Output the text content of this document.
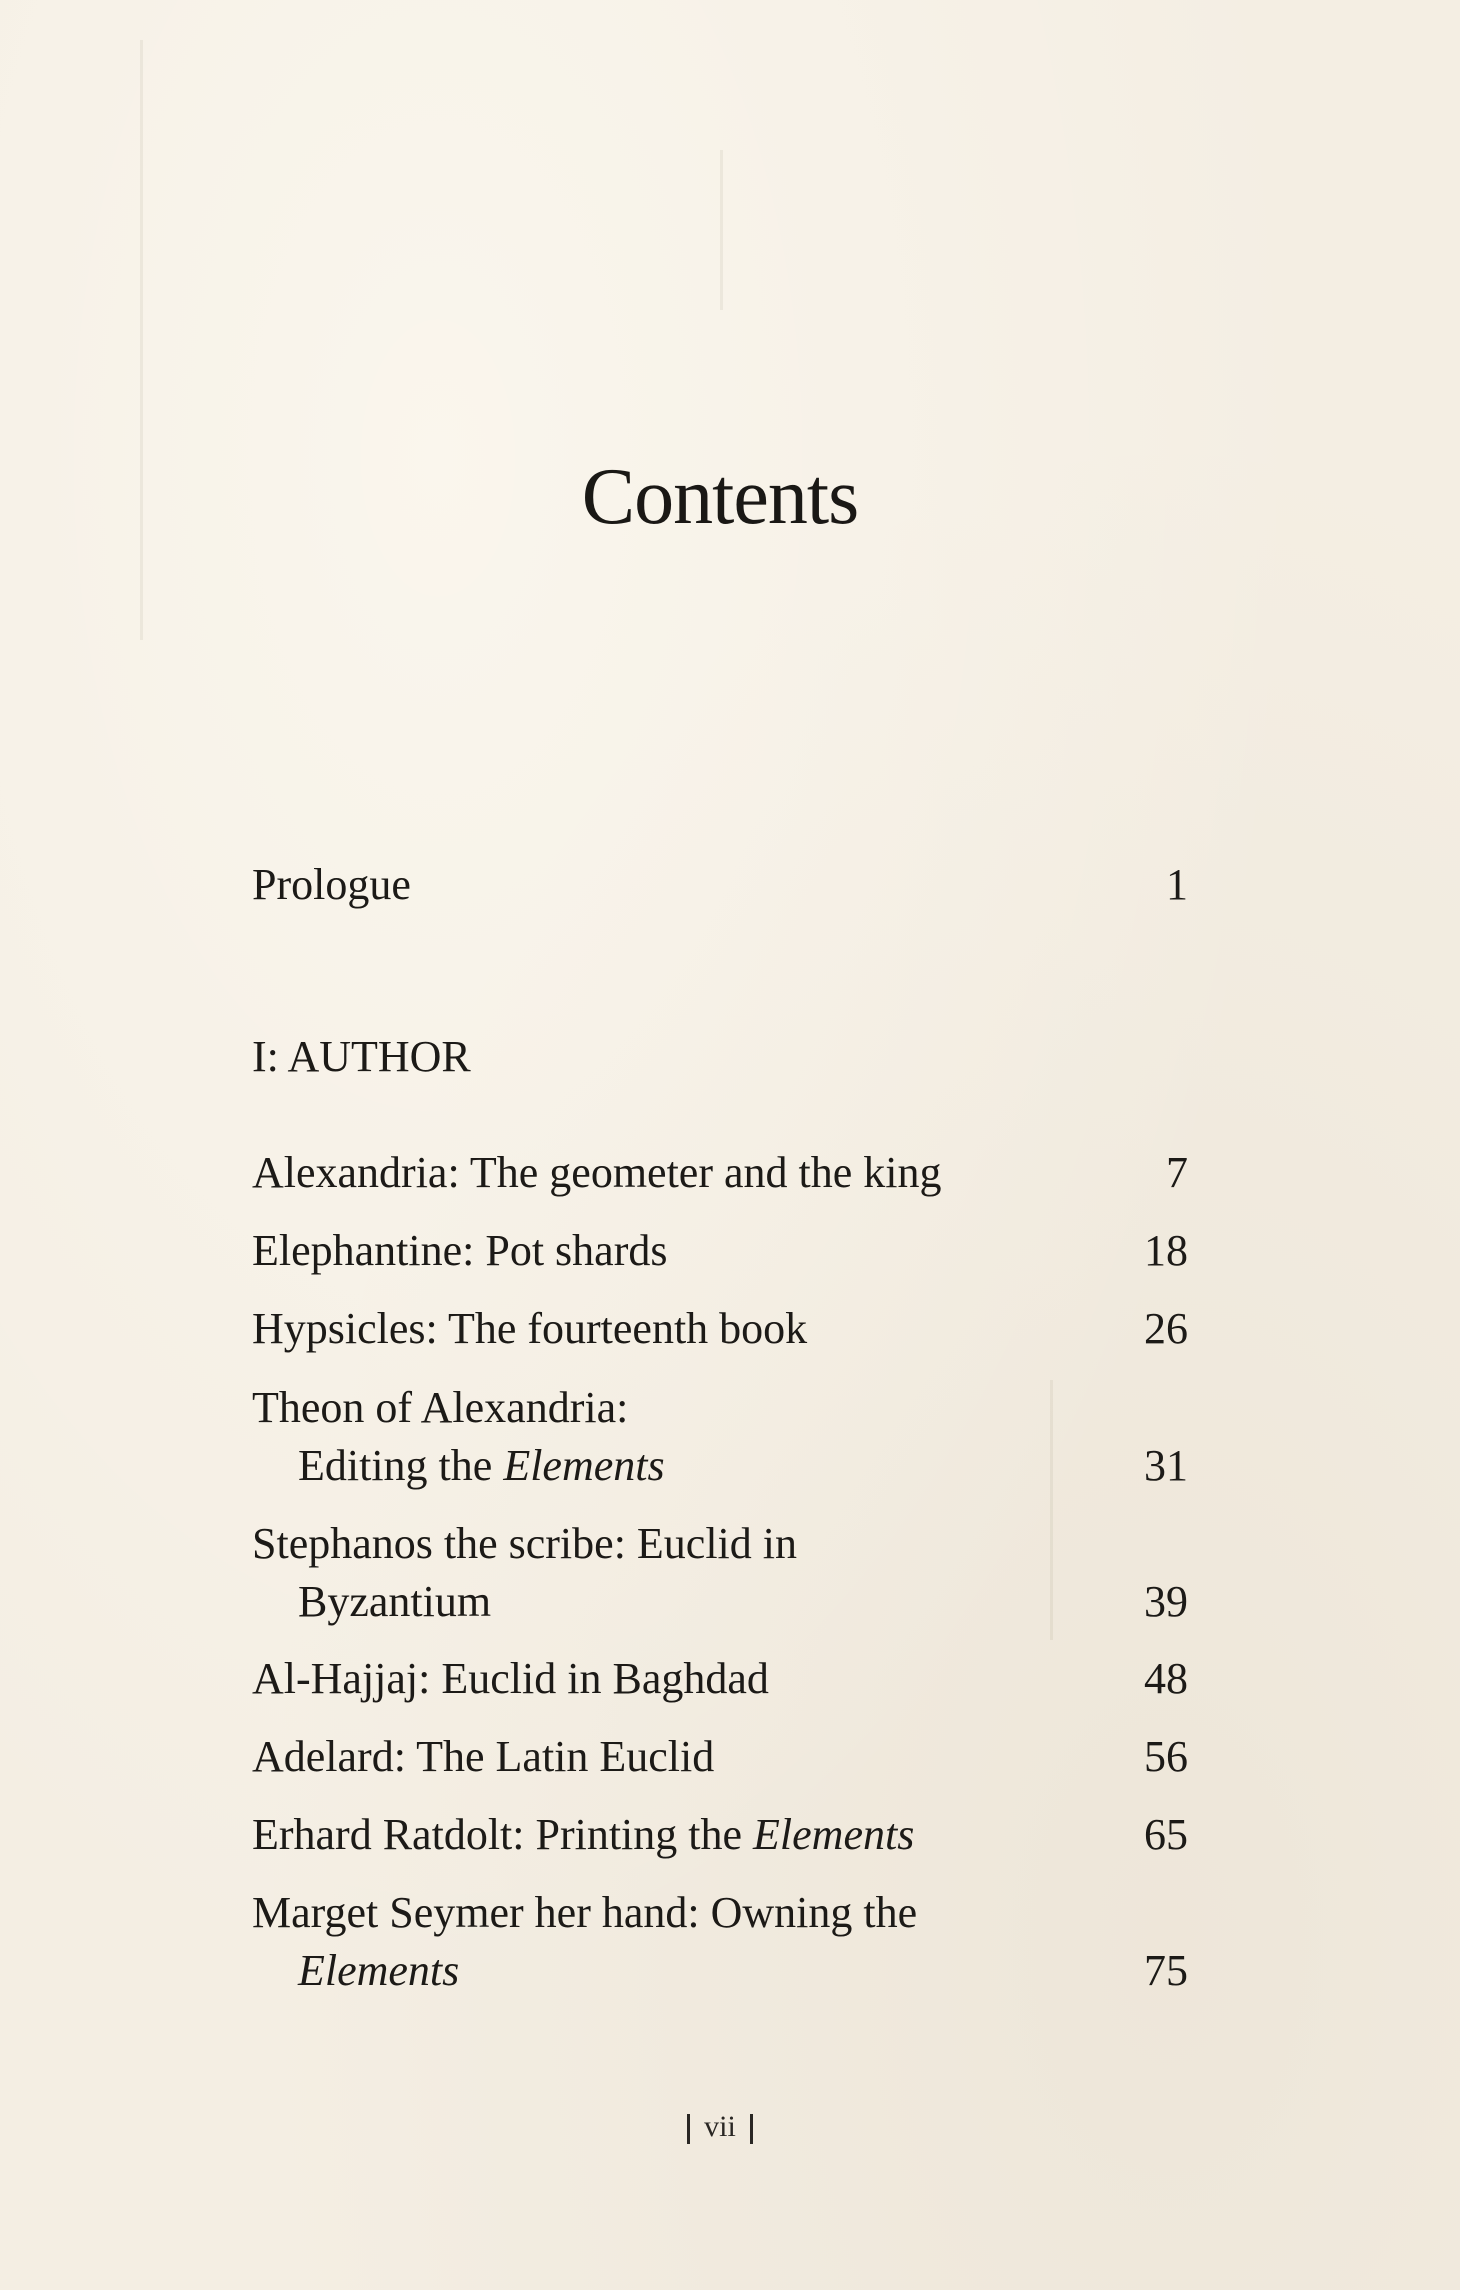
Contents
Prologue	1
I: AUTHOR
Alexandria: The geometer and the king	7
Elephantine: Pot shards	18
Hypsicles: The fourteenth book	26
Theon of Alexandria:
Editing the Elements	31
Stephanos the scribe: Euclid in
Byzantium	39
Al-Hajjaj: Euclid in Baghdad	48
Adelard: The Latin Euclid	56
Erhard Ratdolt: Printing the Elements	65
Marget Seymer her hand: Owning the
Elements	75
vii
